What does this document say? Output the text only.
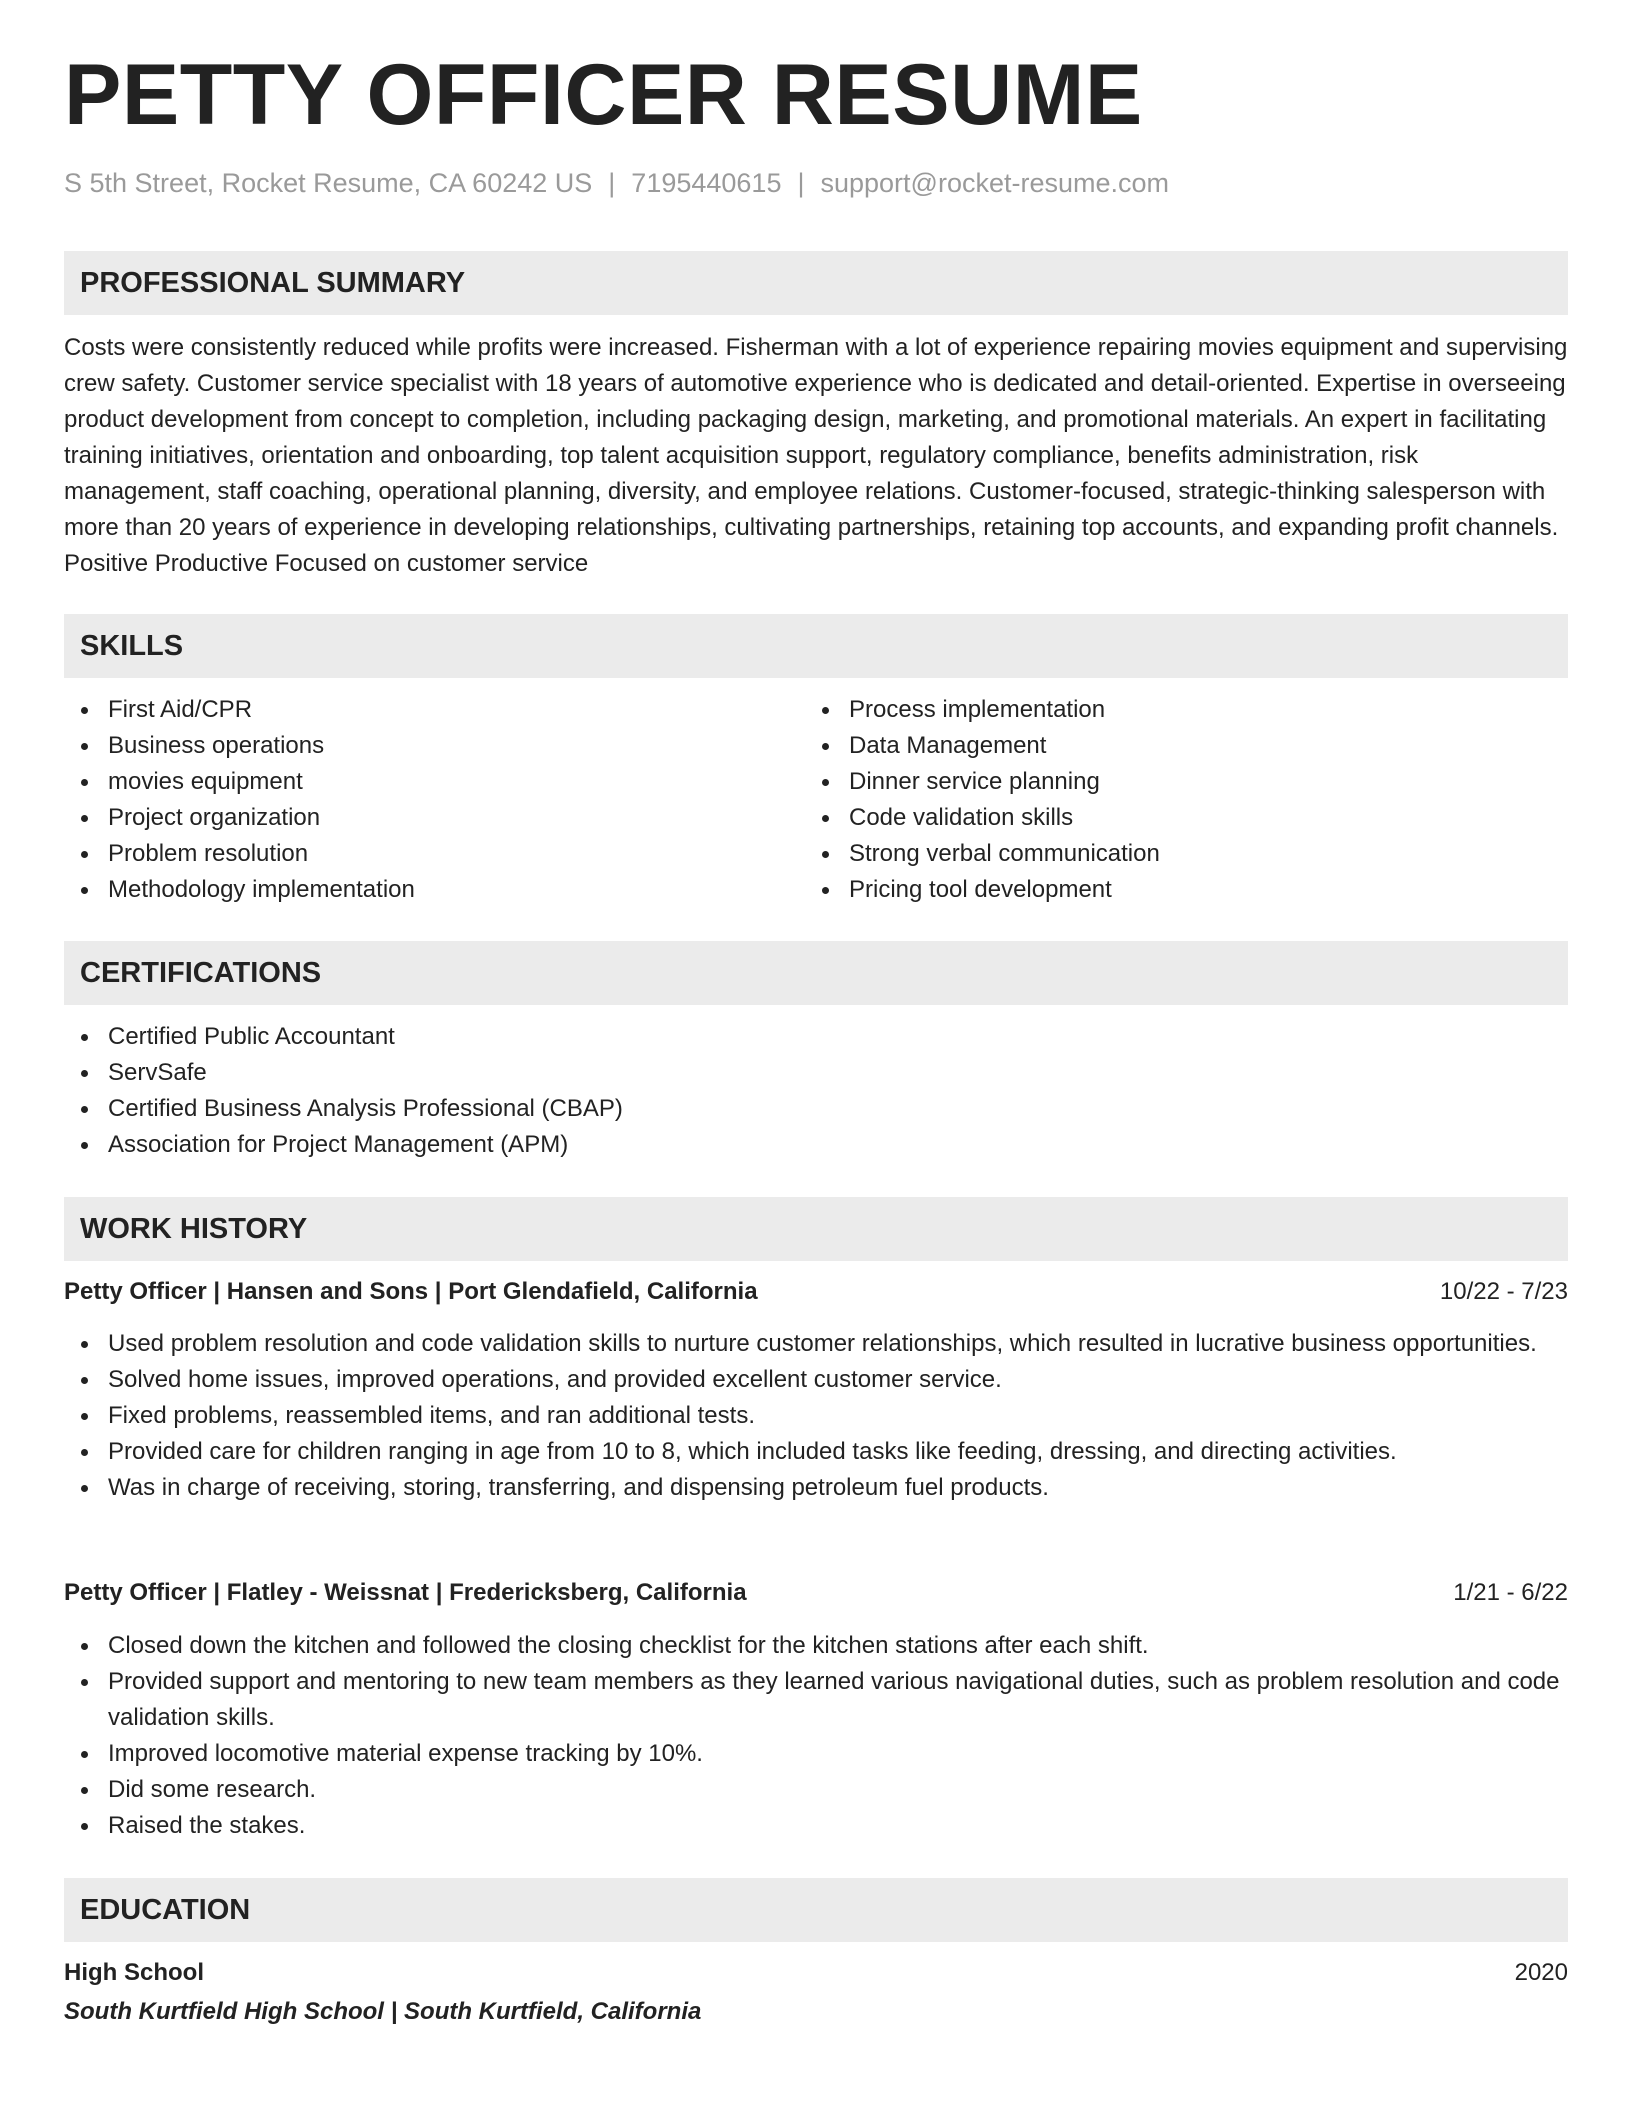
PETTY OFFICER RESUME
S 5th Street, Rocket Resume, CA 60242 US | 7195440615 | support@rocket-resume.com
PROFESSIONAL SUMMARY
Costs were consistently reduced while profits were increased. Fisherman with a lot of experience repairing movies equipment and supervising crew safety. Customer service specialist with 18 years of automotive experience who is dedicated and detail-oriented. Expertise in overseeing product development from concept to completion, including packaging design, marketing, and promotional materials. An expert in facilitating training initiatives, orientation and onboarding, top talent acquisition support, regulatory compliance, benefits administration, risk management, staff coaching, operational planning, diversity, and employee relations. Customer-focused, strategic-thinking salesperson with more than 20 years of experience in developing relationships, cultivating partnerships, retaining top accounts, and expanding profit channels. Positive Productive Focused on customer service
SKILLS
First Aid/CPR
Business operations
movies equipment
Project organization
Problem resolution
Methodology implementation
Process implementation
Data Management
Dinner service planning
Code validation skills
Strong verbal communication
Pricing tool development
CERTIFICATIONS
Certified Public Accountant
ServSafe
Certified Business Analysis Professional (CBAP)
Association for Project Management (APM)
WORK HISTORY
Petty Officer | Hansen and Sons | Port Glendafield, California	10/22 - 7/23
Used problem resolution and code validation skills to nurture customer relationships, which resulted in lucrative business opportunities.
Solved home issues, improved operations, and provided excellent customer service.
Fixed problems, reassembled items, and ran additional tests.
Provided care for children ranging in age from 10 to 8, which included tasks like feeding, dressing, and directing activities.
Was in charge of receiving, storing, transferring, and dispensing petroleum fuel products.
Petty Officer | Flatley - Weissnat | Fredericksberg, California	1/21 - 6/22
Closed down the kitchen and followed the closing checklist for the kitchen stations after each shift.
Provided support and mentoring to new team members as they learned various navigational duties, such as problem resolution and code validation skills.
Improved locomotive material expense tracking by 10%.
Did some research.
Raised the stakes.
EDUCATION
High School	2020
South Kurtfield High School | South Kurtfield, California
